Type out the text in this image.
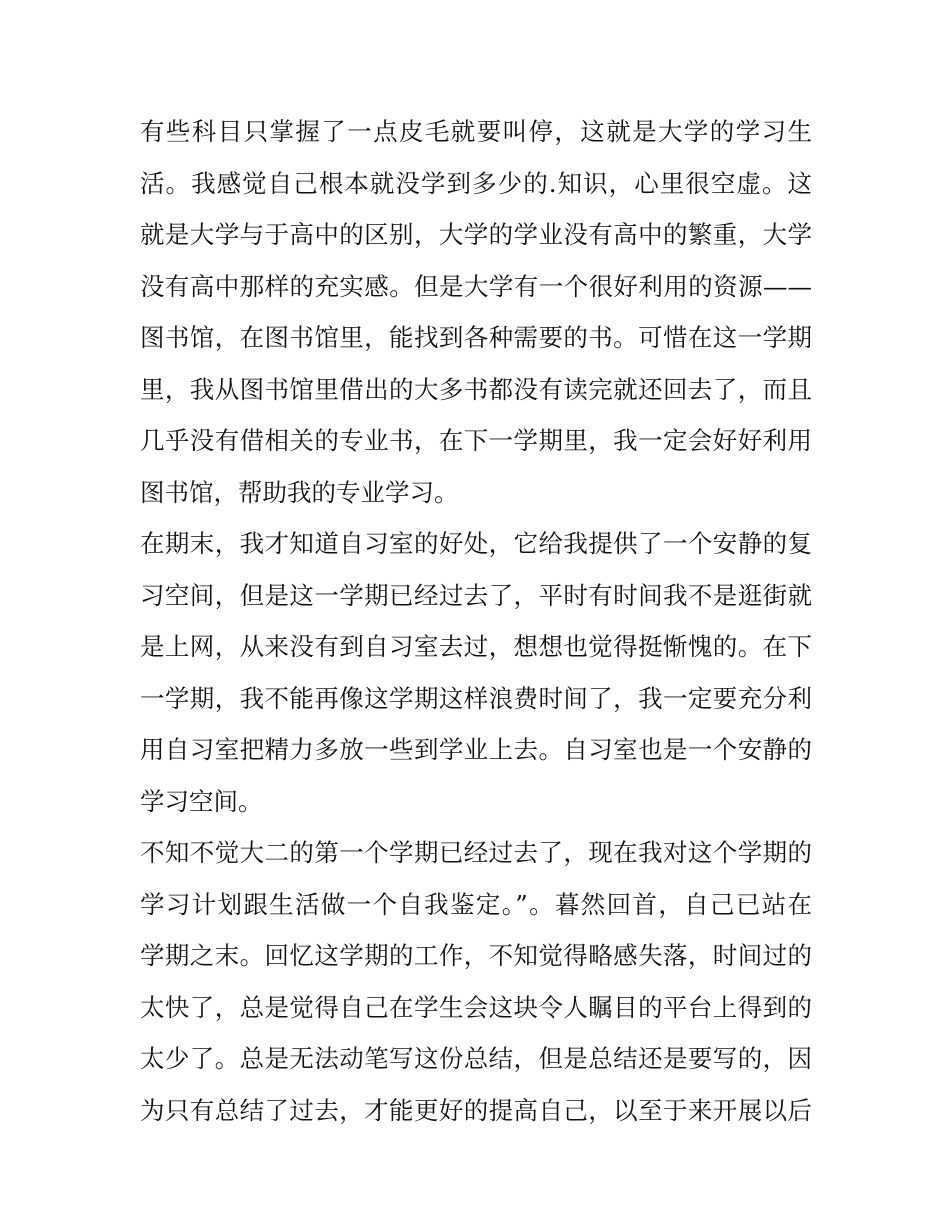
有些科目只掌握了一点皮毛就要叫停，这就是大学的学习生
活。我感觉自己根本就没学到多少的.知识，心里很空虚。这
就是大学与于高中的区别，大学的学业没有高中的繁重，大学
没有高中那样的充实感。但是大学有一个很好利用的资源——
图书馆，在图书馆里，能找到各种需要的书。可惜在这一学期
里，我从图书馆里借出的大多书都没有读完就还回去了，而且
几乎没有借相关的专业书，在下一学期里，我一定会好好利用
图书馆，帮助我的专业学习。
在期末，我才知道自习室的好处，它给我提供了一个安静的复
习空间，但是这一学期已经过去了，平时有时间我不是逛街就
是上网，从来没有到自习室去过，想想也觉得挺惭愧的。在下
一学期，我不能再像这学期这样浪费时间了，我一定要充分利
用自习室把精力多放一些到学业上去。自习室也是一个安静的
学习空间。
不知不觉大二的第一个学期已经过去了，现在我对这个学期的
学习计划跟生活做一个自我鉴定。”。暮然回首，自己已站在
学期之末。回忆这学期的工作，不知觉得略感失落，时间过的
太快了，总是觉得自己在学生会这块令人瞩目的平台上得到的
太少了。总是无法动笔写这份总结，但是总结还是要写的，因
为只有总结了过去，才能更好的提高自己，以至于来开展以后
